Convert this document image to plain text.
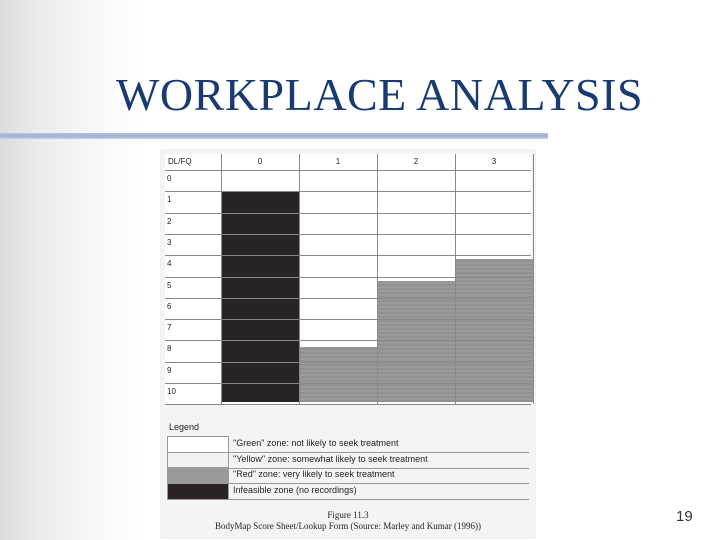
WORKPLACE ANALYSIS
DL/FQ	0	1	2	3
0
1
2
3
4
5
6
7
8
9
10
Legend
"Green" zone: not likely to seek treatment
"Yellow" zone: somewhat likely to seek treatment
"Red" zone: very likely to seek treatment
Infeasible zone (no recordings)
Figure 11.3
BodyMap Score Sheet/Lookup Form (Source: Marley and Kumar (1996))
19
